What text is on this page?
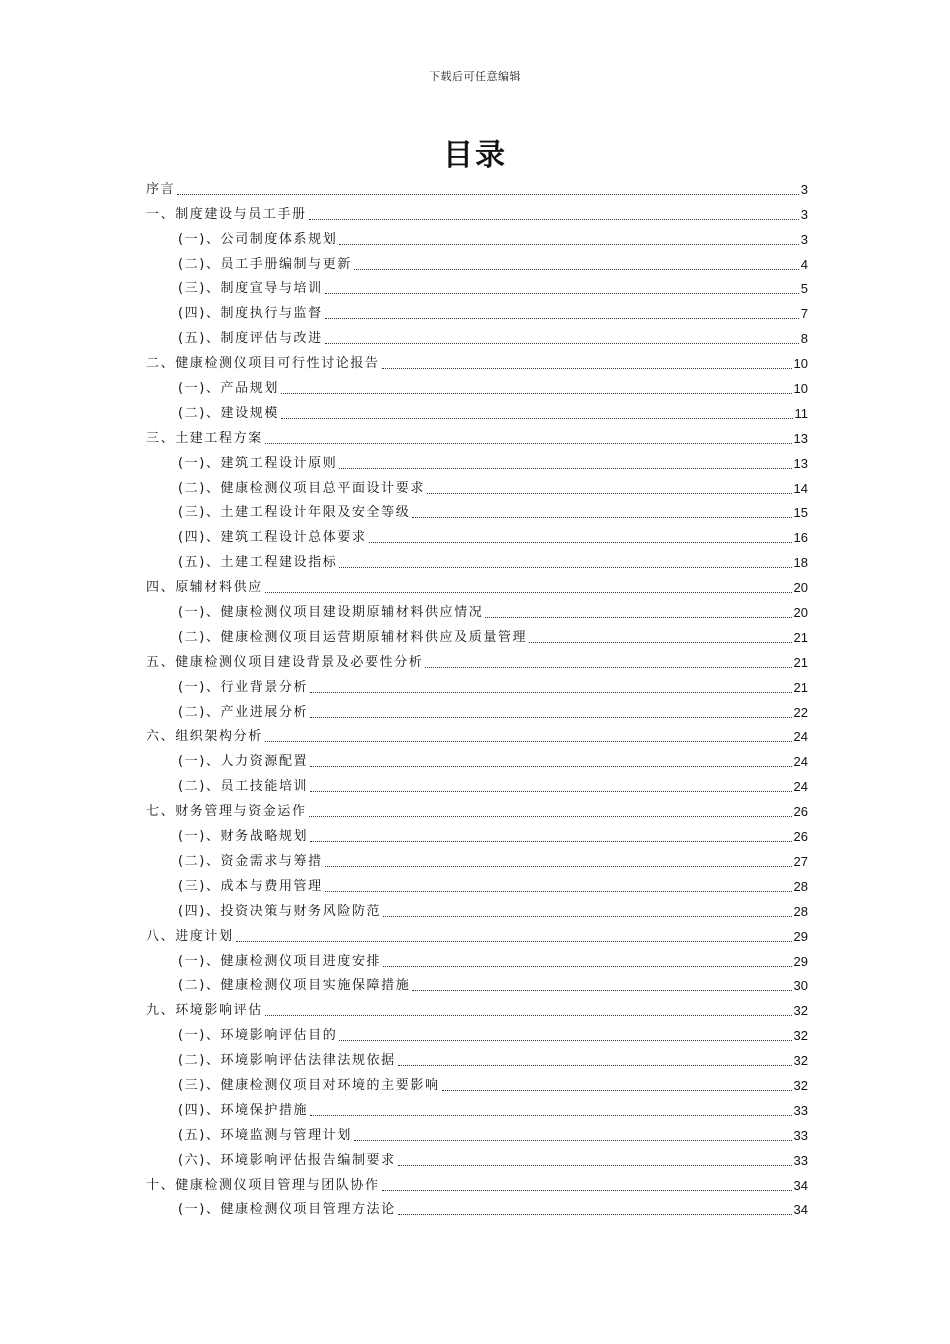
下载后可任意编辑
目录
序言	3
一、制度建设与员工手册	3
(一)、公司制度体系规划	3
(二)、员工手册编制与更新	4
(三)、制度宣导与培训	5
(四)、制度执行与监督	7
(五)、制度评估与改进	8
二、健康检测仪项目可行性讨论报告	10
(一)、产品规划	10
(二)、建设规模	11
三、土建工程方案	13
(一)、建筑工程设计原则	13
(二)、健康检测仪项目总平面设计要求	14
(三)、土建工程设计年限及安全等级	15
(四)、建筑工程设计总体要求	16
(五)、土建工程建设指标	18
四、原辅材料供应	20
(一)、健康检测仪项目建设期原辅材料供应情况	20
(二)、健康检测仪项目运营期原辅材料供应及质量管理	21
五、健康检测仪项目建设背景及必要性分析	21
(一)、行业背景分析	21
(二)、产业进展分析	22
六、组织架构分析	24
(一)、人力资源配置	24
(二)、员工技能培训	24
七、财务管理与资金运作	26
(一)、财务战略规划	26
(二)、资金需求与筹措	27
(三)、成本与费用管理	28
(四)、投资决策与财务风险防范	28
八、进度计划	29
(一)、健康检测仪项目进度安排	29
(二)、健康检测仪项目实施保障措施	30
九、环境影响评估	32
(一)、环境影响评估目的	32
(二)、环境影响评估法律法规依据	32
(三)、健康检测仪项目对环境的主要影响	32
(四)、环境保护措施	33
(五)、环境监测与管理计划	33
(六)、环境影响评估报告编制要求	33
十、健康检测仪项目管理与团队协作	34
(一)、健康检测仪项目管理方法论	34
